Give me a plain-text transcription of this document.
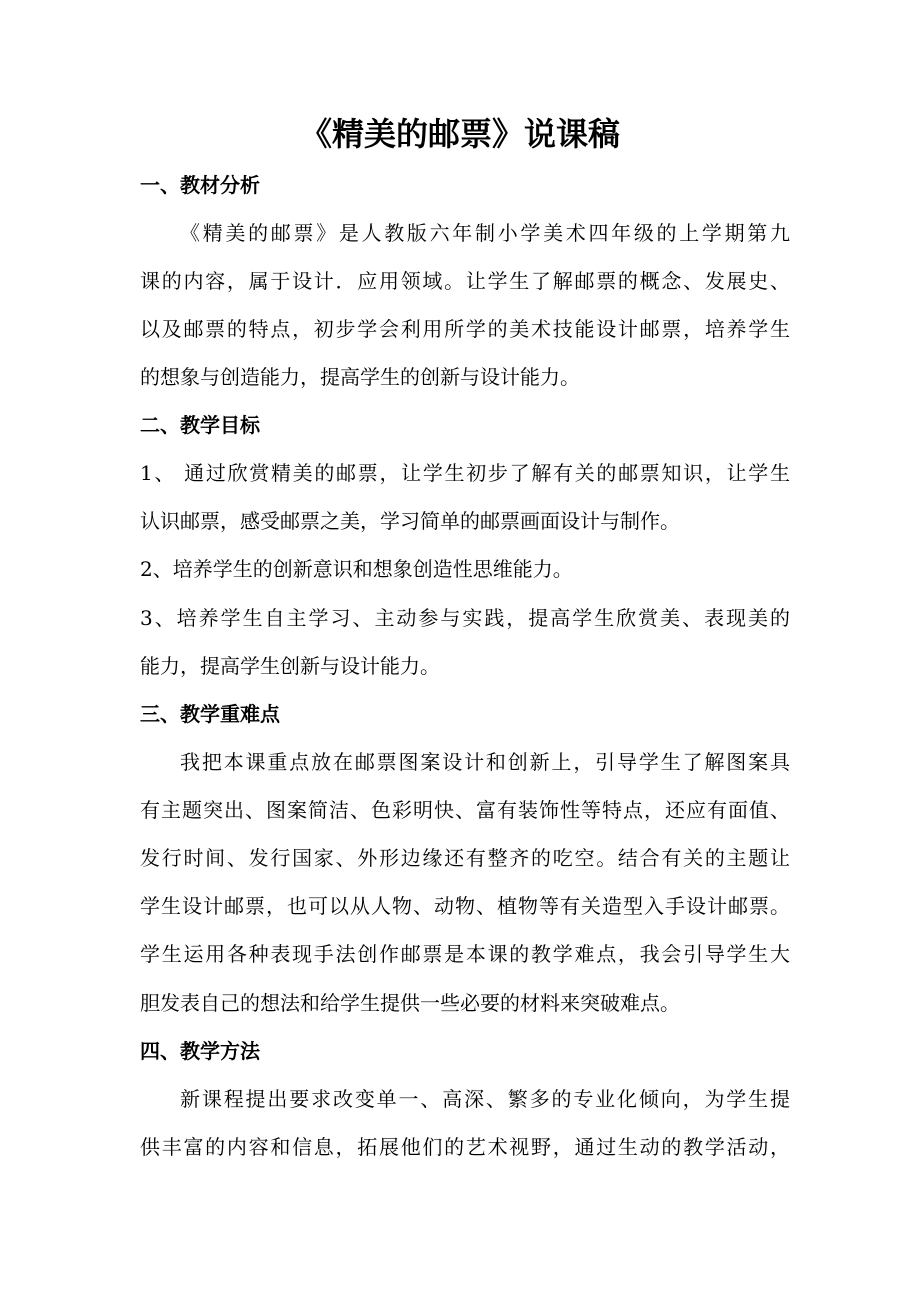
《精美的邮票》说课稿
一、教材分析
《精美的邮票》是人教版六年制小学美术四年级的上学期第九
课的内容，属于设计．应用领域。让学生了解邮票的概念、发展史、
以及邮票的特点，初步学会利用所学的美术技能设计邮票，培养学生
的想象与创造能力，提高学生的创新与设计能力。
二、教学目标
1、 通过欣赏精美的邮票，让学生初步了解有关的邮票知识，让学生
认识邮票，感受邮票之美，学习简单的邮票画面设计与制作。
2、培养学生的创新意识和想象创造性思维能力。
3、培养学生自主学习、主动参与实践，提高学生欣赏美、表现美的
能力，提高学生创新与设计能力。
三、教学重难点
我把本课重点放在邮票图案设计和创新上，引导学生了解图案具
有主题突出、图案简洁、色彩明快、富有装饰性等特点，还应有面值、
发行时间、发行国家、外形边缘还有整齐的吃空。结合有关的主题让
学生设计邮票，也可以从人物、动物、植物等有关造型入手设计邮票。
学生运用各种表现手法创作邮票是本课的教学难点，我会引导学生大
胆发表自己的想法和给学生提供一些必要的材料来突破难点。
四、教学方法
新课程提出要求改变单一、高深、繁多的专业化倾向，为学生提
供丰富的内容和信息，拓展他们的艺术视野，通过生动的教学活动，
